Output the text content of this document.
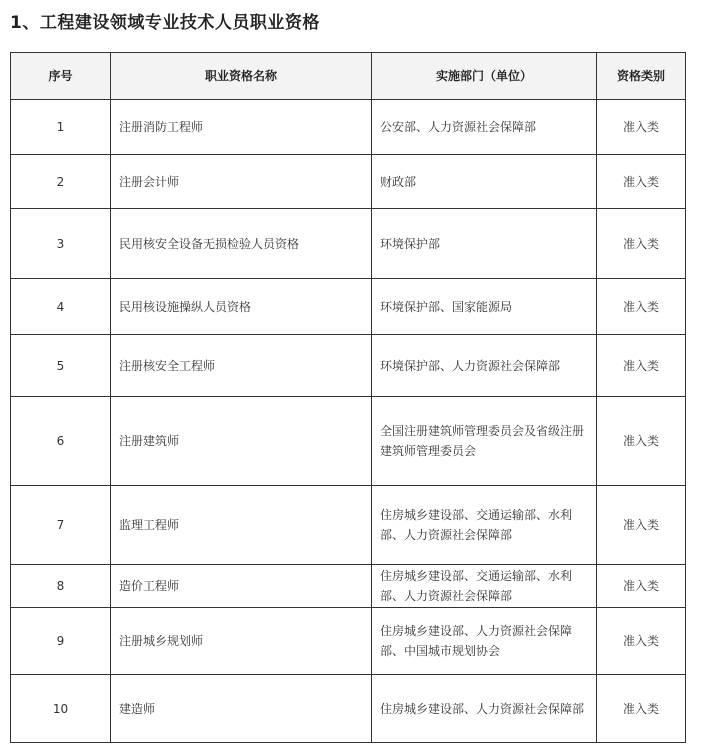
1、工程建设领域专业技术人员职业资格
序号	职业资格名称	实施部门（单位）	资格类别
1	注册消防工程师	公安部、人力资源社会保障部	准入类
2	注册会计师	财政部	准入类
3	民用核安全设备无损检验人员资格	环境保护部	准入类
4	民用核设施操纵人员资格	环境保护部、国家能源局	准入类
5	注册核安全工程师	环境保护部、人力资源社会保障部	准入类
6	注册建筑师	全国注册建筑师管理委员会及省级注册建筑师管理委员会	准入类
7	监理工程师	住房城乡建设部、交通运输部、水利部、人力资源社会保障部	准入类
8	造价工程师	住房城乡建设部、交通运输部、水利部、人力资源社会保障部	准入类
9	注册城乡规划师	住房城乡建设部、人力资源社会保障部、中国城市规划协会	准入类
10	建造师	住房城乡建设部、人力资源社会保障部	准入类
